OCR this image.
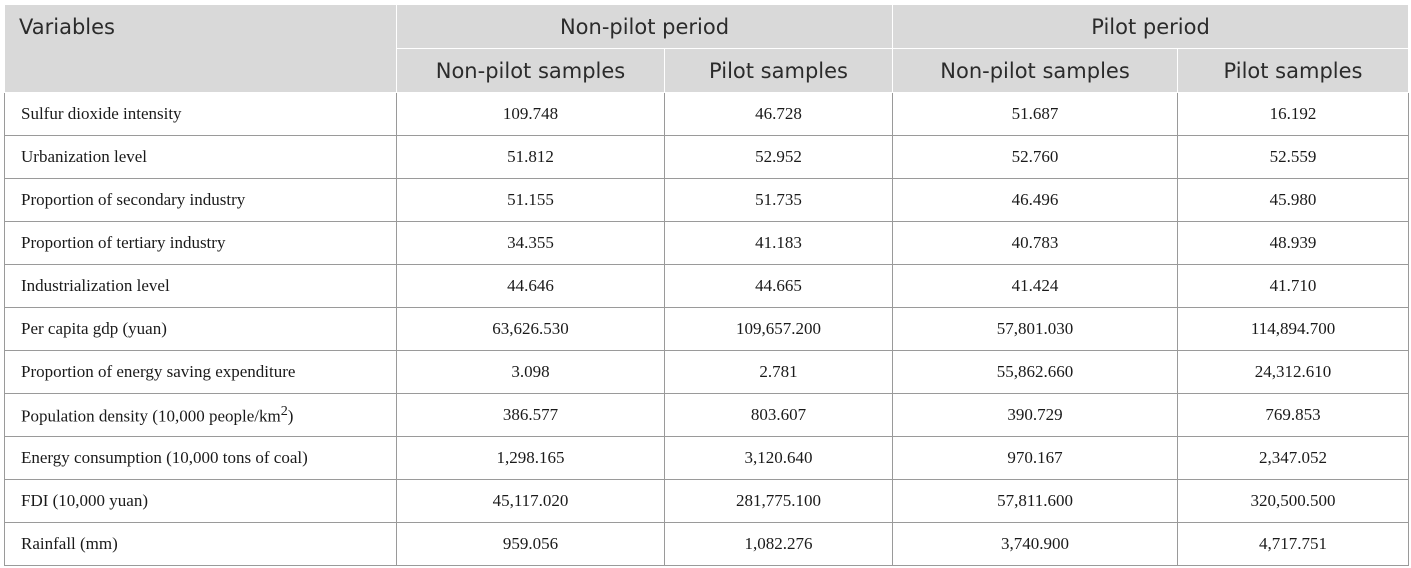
Variables	Non-pilot period		Pilot period	
	Non-pilot samples	Pilot samples	Non-pilot samples	Pilot samples
Sulfur dioxide intensity	109.748	46.728	51.687	16.192
Urbanization level	51.812	52.952	52.760	52.559
Proportion of secondary industry	51.155	51.735	46.496	45.980
Proportion of tertiary industry	34.355	41.183	40.783	48.939
Industrialization level	44.646	44.665	41.424	41.710
Per capita gdp (yuan)	63,626.530	109,657.200	57,801.030	114,894.700
Proportion of energy saving expenditure	3.098	2.781	55,862.660	24,312.610
Population density (10,000 people/$km^2$)	386.577	803.607	390.729	769.853
Energy consumption (10,000 tons of coal)	1,298.165	3,120.640	970.167	2,347.052
FDI (10,000 yuan)	45,117.020	281,775.100	57,811.600	320,500.500
Rainfall (mm)	959.056	1,082.276	3,740.900	4,717.751
